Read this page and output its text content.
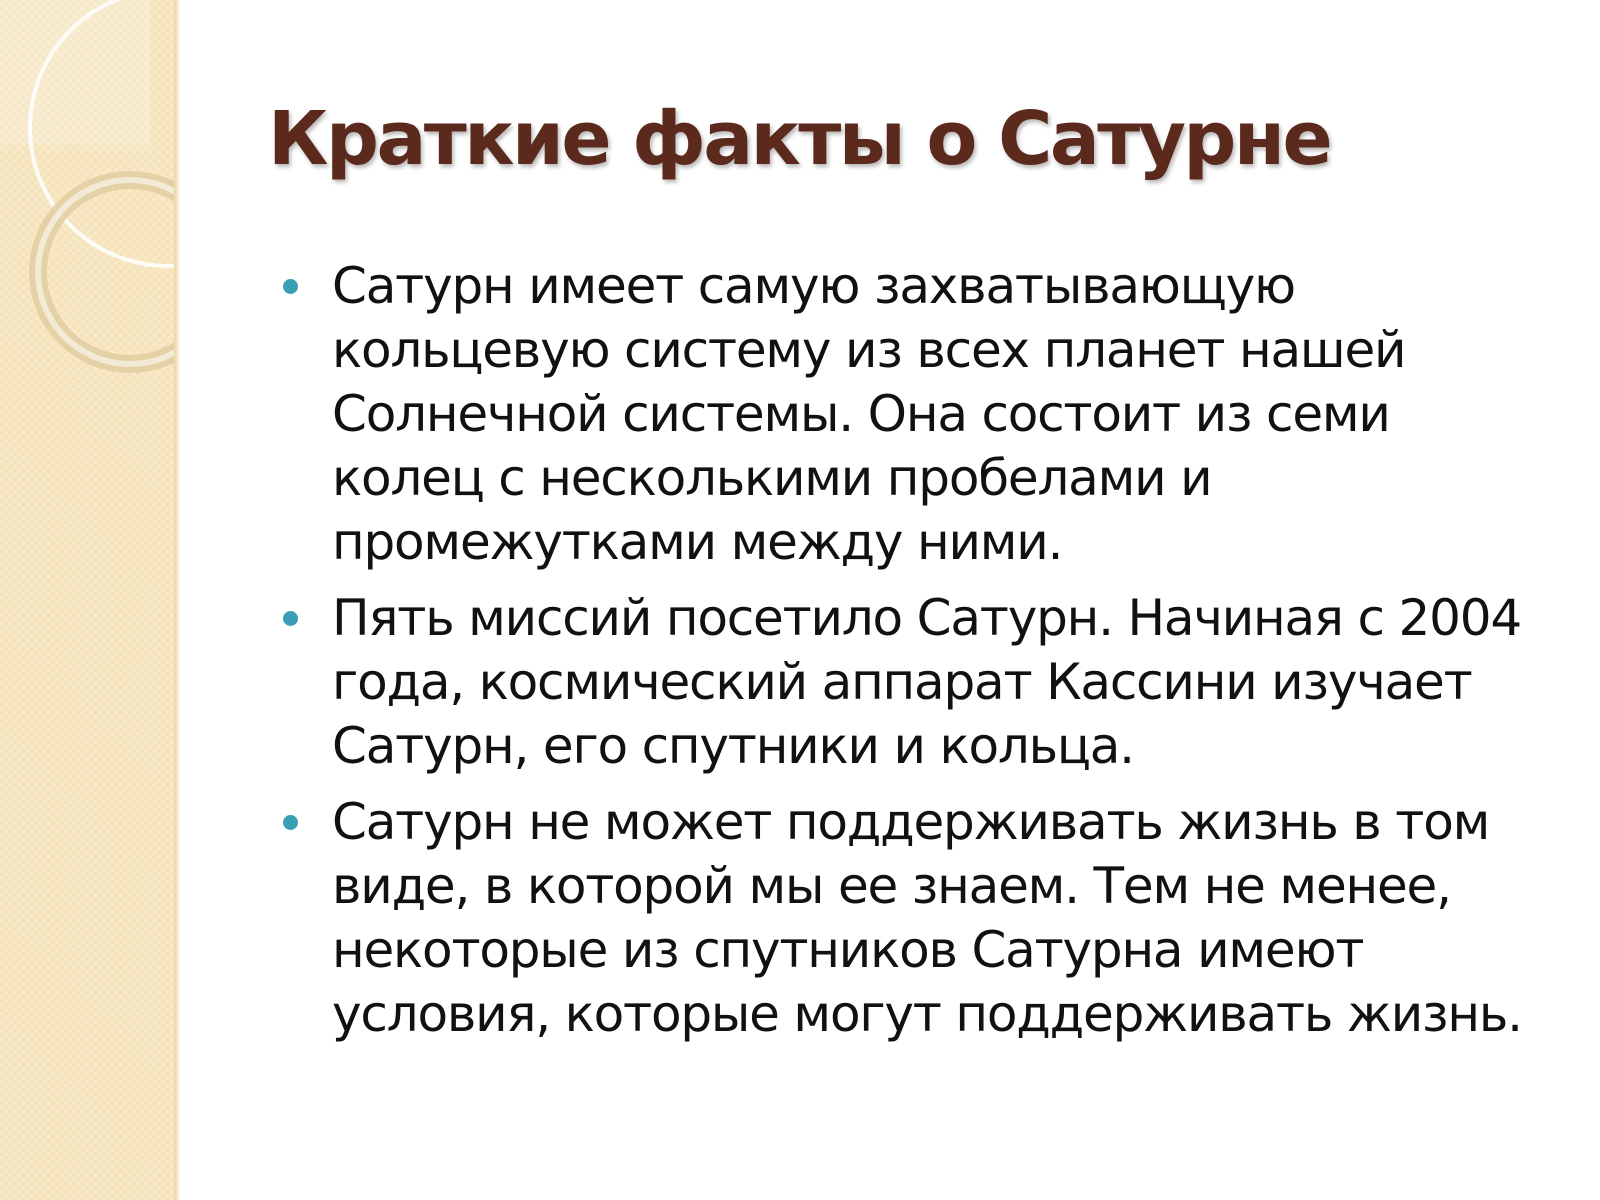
Краткие факты о Сатурне
Сатурн имеет самую захватывающую
кольцевую систему из всех планет нашей
Солнечной системы. Она состоит из семи
колец с несколькими пробелами и
промежутками между ними.
Пять миссий посетило Сатурн. Начиная с 2004
года, космический аппарат Кассини изучает
Сатурн, его спутники и кольца.
Сатурн не может поддерживать жизнь в том
виде, в которой мы ее знаем. Тем не менее,
некоторые из спутников Сатурна имеют
условия, которые могут поддерживать жизнь.
